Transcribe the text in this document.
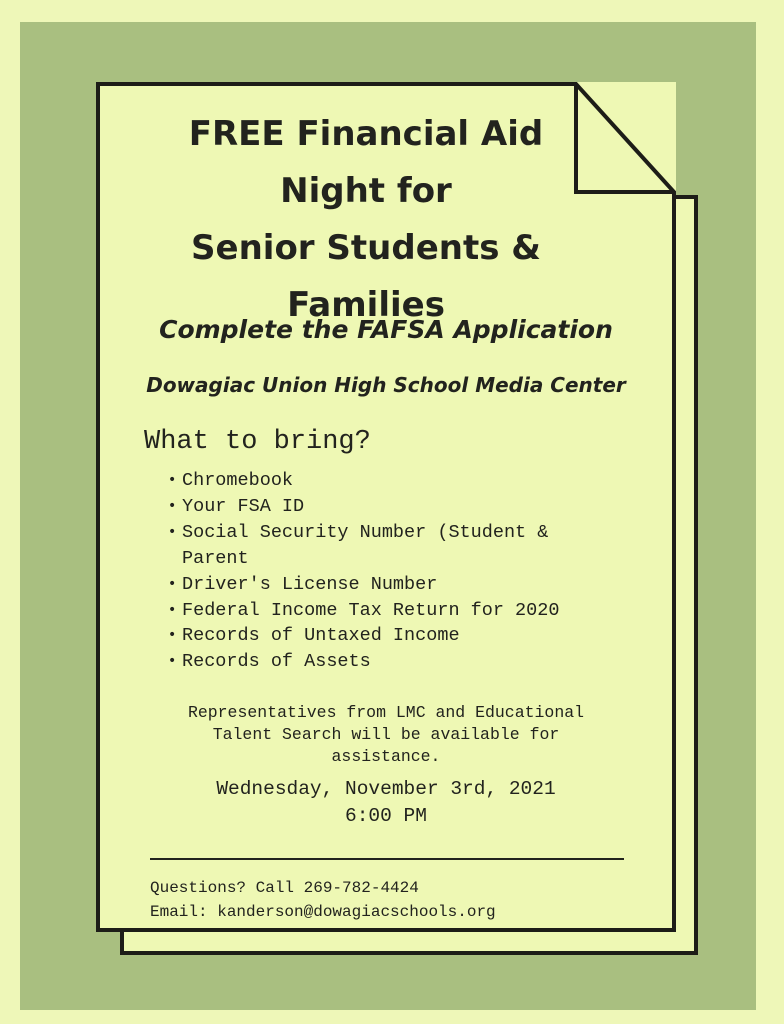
FREE Financial Aid
Night for
Senior Students &
Families

Complete the FAFSA Application

Dowagiac Union High School Media Center

What to bring?

• Chromebook
• Your FSA ID
• Social Security Number (Student &
Parent
• Driver's License Number
• Federal Income Tax Return for 2020
• Records of Untaxed Income
• Records of Assets

Representatives from LMC and Educational
Talent Search will be available for
assistance.

Wednesday, November 3rd, 2021

6:00 PM

Questions? Call 269-782-4424

Email: kanderson@dowagiacschools.org
